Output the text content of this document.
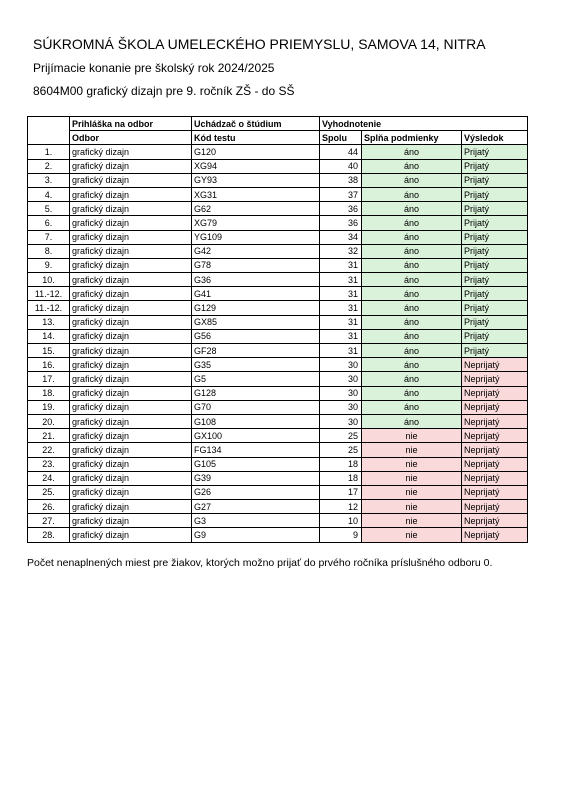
SÚKROMNÁ ŠKOLA UMELECKÉHO PRIEMYSLU, SAMOVA 14, NITRA
Prijímacie konanie pre školský rok 2024/2025
8604M00 grafický dizajn pre 9. ročník ZŠ - do SŠ
	Prihláška na odbor	Uchádzač o štúdium	Vyhodnotenie		
	Odbor	Kód testu	Spolu	Splňa podmienky	Výsledok
1.	grafický dizajn	G120	44	áno	Prijatý
2.	grafický dizajn	XG94	40	áno	Prijatý
3.	grafický dizajn	GY93	38	áno	Prijatý
4.	grafický dizajn	XG31	37	áno	Prijatý
5.	grafický dizajn	G62	36	áno	Prijatý
6.	grafický dizajn	XG79	36	áno	Prijatý
7.	grafický dizajn	YG109	34	áno	Prijatý
8.	grafický dizajn	G42	32	áno	Prijatý
9.	grafický dizajn	G78	31	áno	Prijatý
10.	grafický dizajn	G36	31	áno	Prijatý
11.-12.	grafický dizajn	G41	31	áno	Prijatý
11.-12.	grafický dizajn	G129	31	áno	Prijatý
13.	grafický dizajn	GX85	31	áno	Prijatý
14.	grafický dizajn	G56	31	áno	Prijatý
15.	grafický dizajn	GF28	31	áno	Prijatý
16.	grafický dizajn	G35	30	áno	Neprijatý
17.	grafický dizajn	G5	30	áno	Neprijatý
18.	grafický dizajn	G128	30	áno	Neprijatý
19.	grafický dizajn	G70	30	áno	Neprijatý
20.	grafický dizajn	G108	30	áno	Neprijatý
21.	grafický dizajn	GX100	25	nie	Neprijatý
22.	grafický dizajn	FG134	25	nie	Neprijatý
23.	grafický dizajn	G105	18	nie	Neprijatý
24.	grafický dizajn	G39	18	nie	Neprijatý
25.	grafický dizajn	G26	17	nie	Neprijatý
26.	grafický dizajn	G27	12	nie	Neprijatý
27.	grafický dizajn	G3	10	nie	Neprijatý
28.	grafický dizajn	G9	9	nie	Neprijatý
Počet nenaplnených miest pre žiakov, ktorých možno prijať do prvého ročníka príslušného odboru 0.
